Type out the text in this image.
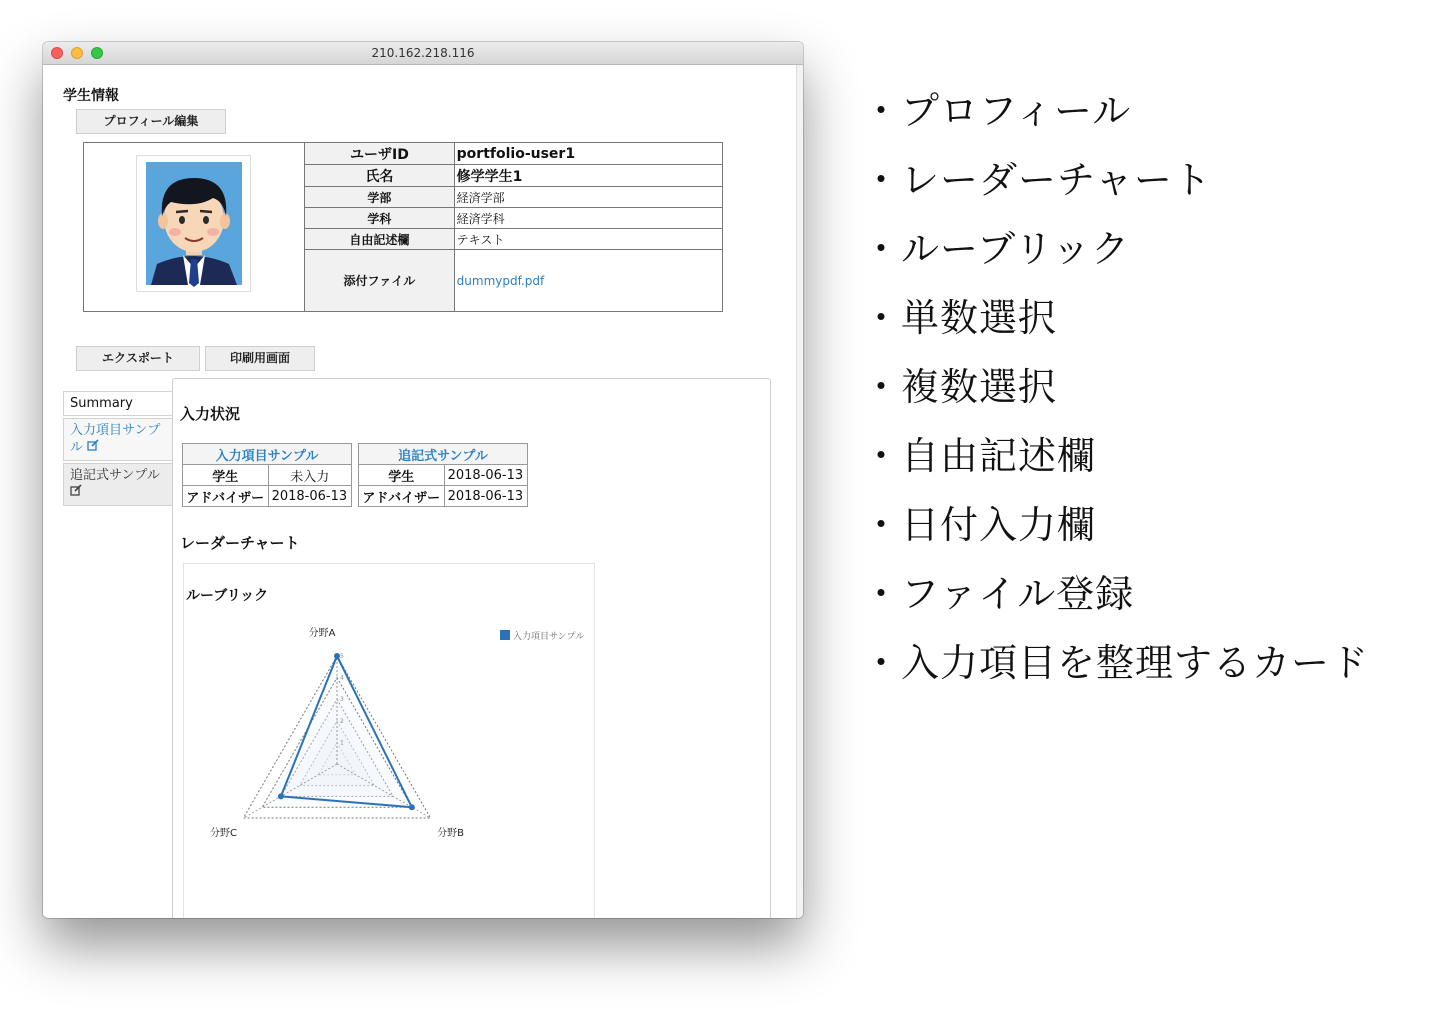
210.162.218.116
学生情報
プロフィール編集
	ユーザID	portfolio-user1
	氏名	修学学生1
	学部	経済学部
	学科	経済学科
	自由記述欄	テキスト
	添付ファイル	dummypdf.pdf
エクスポート	印刷用画面
Summary
入力項目サンプル
追記式サンプル
入力状況
入力項目サンプル	
学生	未入力
アドバイザー	2018-06-13
追記式サンプル	
学生	2018-06-13
アドバイザー	2018-06-13
レーダーチャート
ルーブリック
1
2
3
4
5
分野A
分野B
分野C
入力項目サンプル
・プロフィール
・レーダーチャート
・ルーブリック
・単数選択
・複数選択
・自由記述欄
・日付入力欄
・ファイル登録
・入力項目を整理するカード
